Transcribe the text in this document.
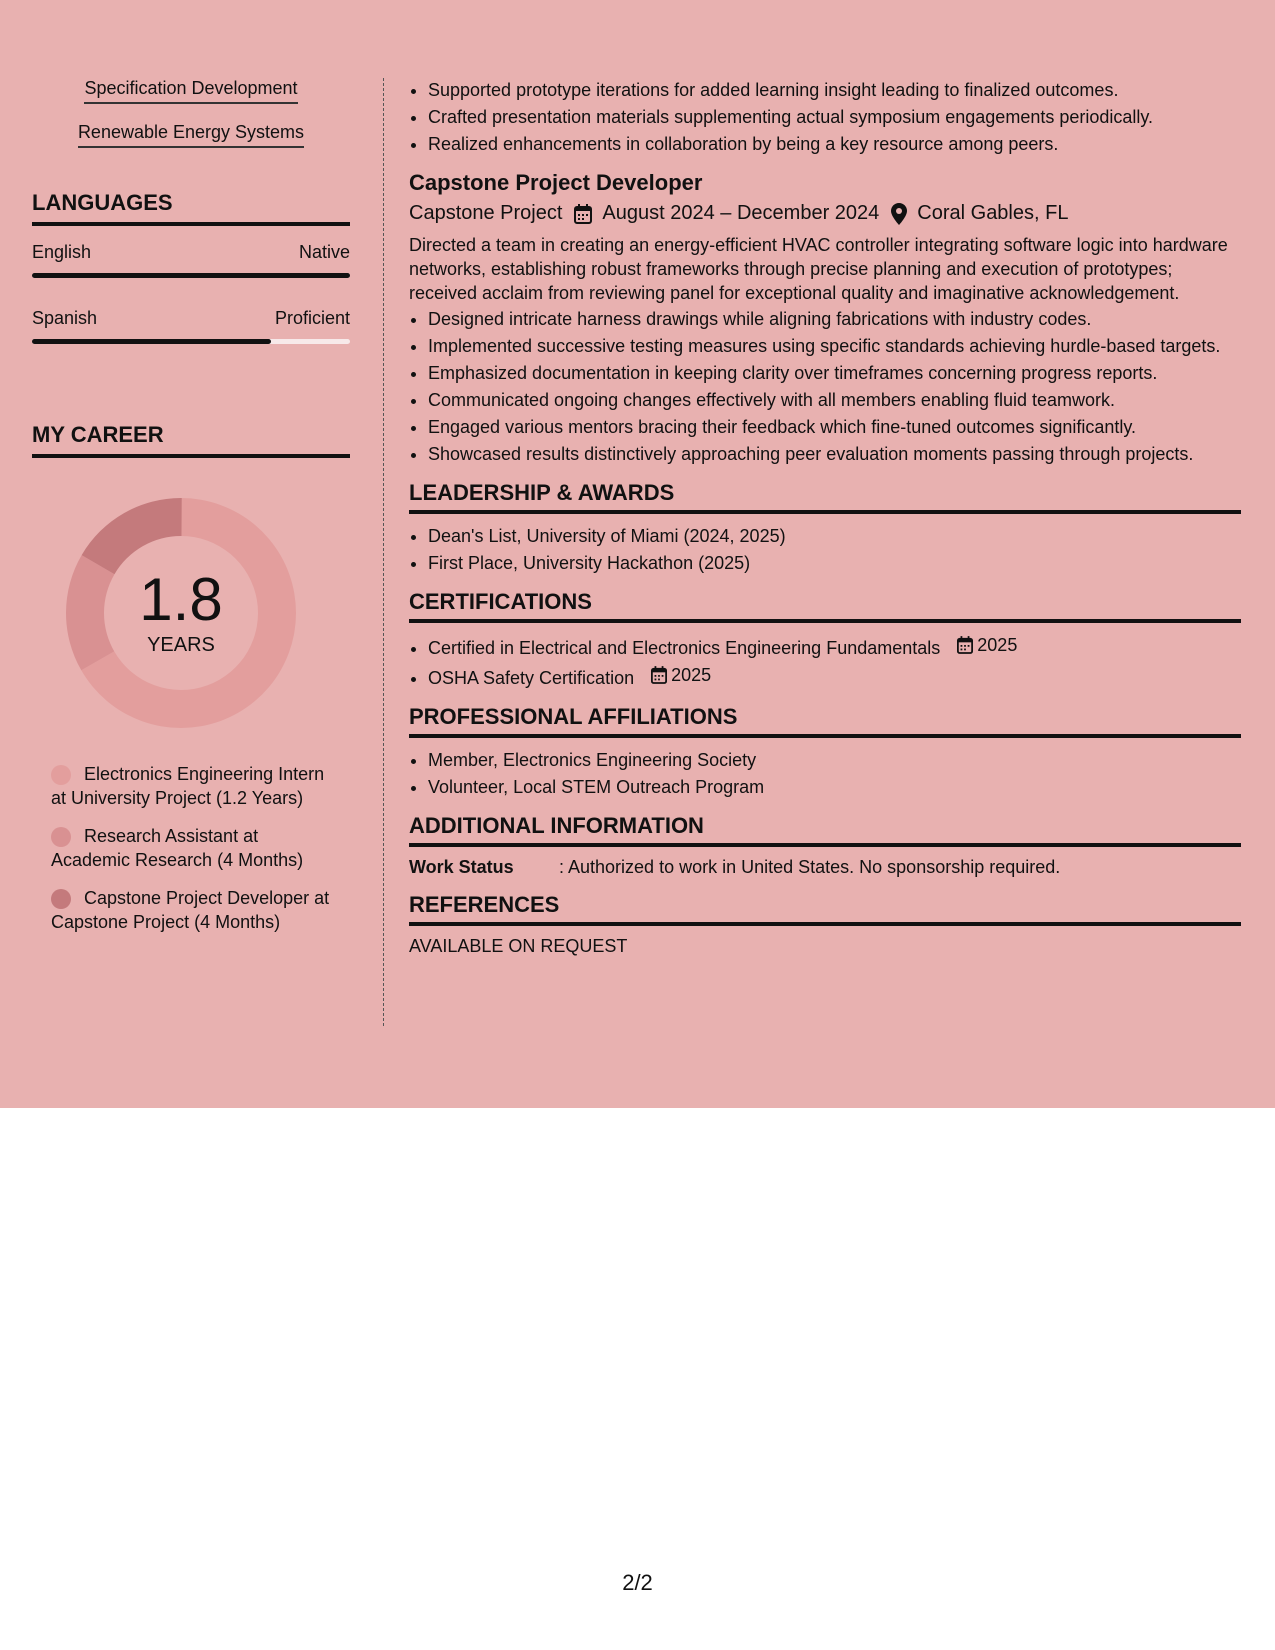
Specification Development
Renewable Energy Systems
LANGUAGES
English	Native
Spanish	Proficient
MY CAREER
1.8
YEARS
Electronics Engineering Intern at University Project (1.2 Years)
Research Assistant at Academic Research (4 Months)
Capstone Project Developer at Capstone Project (4 Months)
• Supported prototype iterations for added learning insight leading to finalized outcomes.
• Crafted presentation materials supplementing actual symposium engagements periodically.
• Realized enhancements in collaboration by being a key resource among peers.
Capstone Project Developer
Capstone Project August 2024 – December 2024 Coral Gables, FL
Directed a team in creating an energy-efficient HVAC controller integrating software logic into hardware networks, establishing robust frameworks through precise planning and execution of prototypes; received acclaim from reviewing panel for exceptional quality and imaginative acknowledgement.
• Designed intricate harness drawings while aligning fabrications with industry codes.
• Implemented successive testing measures using specific standards achieving hurdle-based targets.
• Emphasized documentation in keeping clarity over timeframes concerning progress reports.
• Communicated ongoing changes effectively with all members enabling fluid teamwork.
• Engaged various mentors bracing their feedback which fine-tuned outcomes significantly.
• Showcased results distinctively approaching peer evaluation moments passing through projects.
LEADERSHIP & AWARDS
• Dean's List, University of Miami (2024, 2025)
• First Place, University Hackathon (2025)
CERTIFICATIONS
• Certified in Electrical and Electronics Engineering Fundamentals 2025
• OSHA Safety Certification 2025
PROFESSIONAL AFFILIATIONS
• Member, Electronics Engineering Society
• Volunteer, Local STEM Outreach Program
ADDITIONAL INFORMATION
Work Status	: Authorized to work in United States. No sponsorship required.
REFERENCES
AVAILABLE ON REQUEST
2/2
